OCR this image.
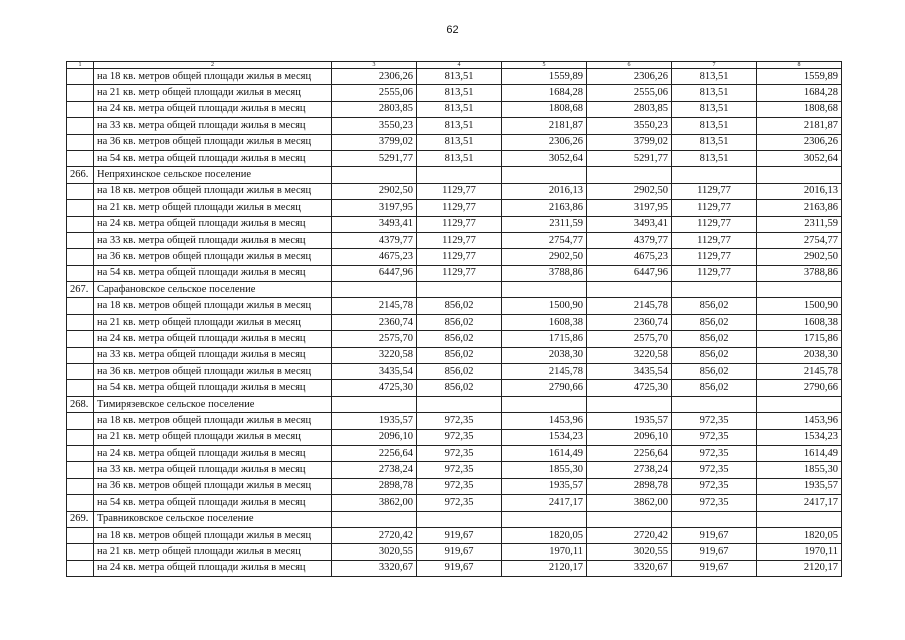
62
1	2	3	4	5	6	7	8
	на 18 кв. метров общей площади жилья в месяц	2306,26	813,51	1559,89	2306,26	813,51	1559,89
	на 21 кв. метр общей площади жилья в месяц	2555,06	813,51	1684,28	2555,06	813,51	1684,28
	на 24 кв. метра общей площади жилья в месяц	2803,85	813,51	1808,68	2803,85	813,51	1808,68
	на 33 кв. метра общей площади жилья в месяц	3550,23	813,51	2181,87	3550,23	813,51	2181,87
	на 36 кв. метров общей площади жилья в месяц	3799,02	813,51	2306,26	3799,02	813,51	2306,26
	на 54 кв. метра общей площади жилья в месяц	5291,77	813,51	3052,64	5291,77	813,51	3052,64
266.	Непряхинское сельское поселение						
	на 18 кв. метров общей площади жилья в месяц	2902,50	1129,77	2016,13	2902,50	1129,77	2016,13
	на 21 кв. метр общей площади жилья в месяц	3197,95	1129,77	2163,86	3197,95	1129,77	2163,86
	на 24 кв. метра общей площади жилья в месяц	3493,41	1129,77	2311,59	3493,41	1129,77	2311,59
	на 33 кв. метра общей площади жилья в месяц	4379,77	1129,77	2754,77	4379,77	1129,77	2754,77
	на 36 кв. метров общей площади жилья в месяц	4675,23	1129,77	2902,50	4675,23	1129,77	2902,50
	на 54 кв. метра общей площади жилья в месяц	6447,96	1129,77	3788,86	6447,96	1129,77	3788,86
267.	Сарафановское сельское поселение						
	на 18 кв. метров общей площади жилья в месяц	2145,78	856,02	1500,90	2145,78	856,02	1500,90
	на 21 кв. метр общей площади жилья в месяц	2360,74	856,02	1608,38	2360,74	856,02	1608,38
	на 24 кв. метра общей площади жилья в месяц	2575,70	856,02	1715,86	2575,70	856,02	1715,86
	на 33 кв. метра общей площади жилья в месяц	3220,58	856,02	2038,30	3220,58	856,02	2038,30
	на 36 кв. метров общей площади жилья в месяц	3435,54	856,02	2145,78	3435,54	856,02	2145,78
	на 54 кв. метра общей площади жилья в месяц	4725,30	856,02	2790,66	4725,30	856,02	2790,66
268.	Тимирязевское сельское поселение						
	на 18 кв. метров общей площади жилья в месяц	1935,57	972,35	1453,96	1935,57	972,35	1453,96
	на 21 кв. метр общей площади жилья в месяц	2096,10	972,35	1534,23	2096,10	972,35	1534,23
	на 24 кв. метра общей площади жилья в месяц	2256,64	972,35	1614,49	2256,64	972,35	1614,49
	на 33 кв. метра общей площади жилья в месяц	2738,24	972,35	1855,30	2738,24	972,35	1855,30
	на 36 кв. метров общей площади жилья в месяц	2898,78	972,35	1935,57	2898,78	972,35	1935,57
	на 54 кв. метра общей площади жилья в месяц	3862,00	972,35	2417,17	3862,00	972,35	2417,17
269.	Травниковское сельское поселение						
	на 18 кв. метров общей площади жилья в месяц	2720,42	919,67	1820,05	2720,42	919,67	1820,05
	на 21 кв. метр общей площади жилья в месяц	3020,55	919,67	1970,11	3020,55	919,67	1970,11
	на 24 кв. метра общей площади жилья в месяц	3320,67	919,67	2120,17	3320,67	919,67	2120,17
